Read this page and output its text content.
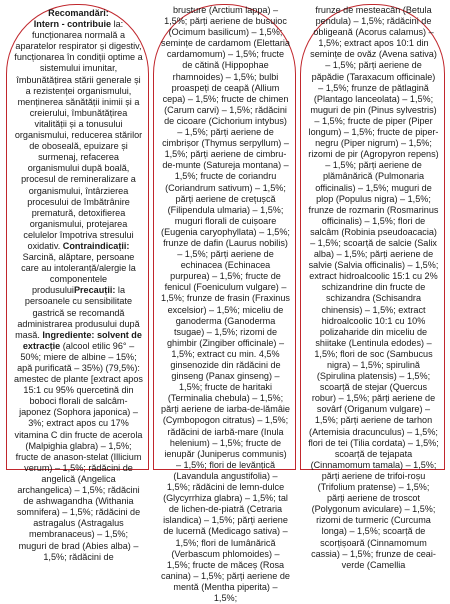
Recomandări:
Intern - contribuie la: funcționarea normală a aparatelor respirator și digestiv, funcționarea în condiții optime a sistemului imunitar, îmbunătățirea stării generale și a rezistenței organismului, menținerea sănătății inimii și a creierului, îmbunătățirea vitalității și a tonusului organismului, reducerea stărilor de oboseală, epuizare și surmenaj, refacerea organismului după boală, procesul de remineralizare a organismului, întârzierea procesului de îmbătrânire prematură, detoxifierea organismului, protejarea celulelor împotriva stresului oxidativ. Contraindicații: Sarcină, alăptare, persoane care au intoleranță/alergie la componentele produsuluiPrecauții: la persoanele cu sensibilitate gastrică se recomandă administrarea produsului după masă. Ingrediente: solvent de extracție (alcool etilic 96° – 50%; miere de albine – 15%; apă purificată – 35%) (79,5%): amestec de plante [extract apos 15:1 cu 95% quercetină din boboci florali de salcâm-japonez (Sophora japonica) – 3%; extract apos cu 17% vitamina C din fructe de acerola (Malpighia glabra) – 1,5%; fructe de anason-stelat (Illicium verum) – 1,5%; rădăcini de angelică (Angelica archangelica) – 1,5%; rădăcini de ashwagandha (Withania somnifera) – 1,5%; rădăcini de astragalus (Astragalus membranaceus) – 1,5%; muguri de brad (Abies alba) – 1,5%; rădăcini de
brusture (Arctium lappa) – 1,5%; părți aeriene de busuioc (Ocimum basilicum) – 1,5%; semințe de cardamom (Elettaria cardamomum) – 1,5%; fructe de cătină (Hippophae rhamnoides) – 1,5%; bulbi proaspeți de ceapă (Allium cepa) – 1,5%; fructe de chimen (Carum carvi) – 1,5%; rădăcini de cicoare (Cichorium intybus) – 1,5%; părți aeriene de cimbrișor (Thymus serpyllum) – 1,5%; părți aeriene de cimbru-de-munte (Satureja montana) – 1,5%; fructe de coriandru (Coriandrum sativum) – 1,5%; părți aeriene de crețușcă (Filipendula ulmaria) – 1,5%; muguri florali de cuișoare (Eugenia caryophyllata) – 1,5%; frunze de dafin (Laurus nobilis) – 1,5%; părți aeriene de echinacea (Echinacea purpurea) – 1,5%; fructe de fenicul (Foeniculum vulgare) – 1,5%; frunze de frasin (Fraxinus excelsior) – 1,5%; miceliu de ganoderma (Ganoderma tsugae) – 1,5%; rizomi de ghimbir (Zingiber officinale) – 1,5%; extract cu min. 4,5% ginsenozide din rădăcini de ginseng (Panax ginseng) – 1,5%; fructe de haritaki (Terminalia chebula) – 1,5%; părți aeriene de iarba-de-lămâie (Cymbopogon citratus) – 1,5%; rădăcini de iarbă-mare (Inula helenium) – 1,5%; fructe de ienupăr (Juniperus communis) – 1,5%; flori de levănțică (Lavandula angustifolia) – 1,5%; rădăcini de lemn-dulce (Glycyrrhiza glabra) – 1,5%; tal de lichen-de-piatră (Cetraria islandica) – 1,5%; părți aeriene de lucernă (Medicago sativa) – 1,5%; flori de lumânărică (Verbascum phlomoides) – 1,5%; fructe de măceș (Rosa canina) – 1,5%; părți aeriene de mentă (Mentha piperita) – 1,5%;
frunze de mesteacăn (Betula pendula) – 1,5%; rădăcini de obligeană (Acorus calamus) – 1,5%; extract apos 10:1 din semințe de ovăz (Avena sativa) – 1,5%; părți aeriene de păpădie (Taraxacum officinale) – 1,5%; frunze de pătlagină (Plantago lanceolata) – 1,5%; muguri de pin (Pinus sylvestris) – 1,5%; fructe de piper (Piper longum) – 1,5%; fructe de piper-negru (Piper nigrum) – 1,5%; rizomi de pir (Agropyron repens) – 1,5%; părți aeriene de plămânărică (Pulmonaria officinalis) – 1,5%; muguri de plop (Populus nigra) – 1,5%; frunze de rozmarin (Rosmarinus officinalis) – 1,5%; flori de salcâm (Robinia pseudoacacia) – 1,5%; scoarță de salcie (Salix alba) – 1,5%; părți aeriene de salvie (Salvia officinalis) – 1,5%; extract hidroalcoolic 15:1 cu 2% schizandrine din fructe de schizandra (Schisandra chinensis) – 1,5%; extract hidroalcoolic 10:1 cu 10% polizaharide din miceliu de shiitake (Lentinula edodes) – 1,5%; flori de soc (Sambucus nigra) – 1,5%; spirulină (Spirulina platensis) – 1,5%; scoarță de stejar (Quercus robur) – 1,5%; părți aeriene de sovârf (Origanum vulgare) – 1,5%; părți aeriene de tarhon (Artemisia dracunculus) – 1,5%; flori de tei (Tilia cordata) – 1,5%; scoarță de tejapata (Cinnamomum tamala) – 1,5%; părți aeriene de trifoi-roșu (Trifolium pratense) – 1,5%; părți aeriene de troscot (Polygonum aviculare) – 1,5%; rizomi de turmeric (Curcuma longa) – 1,5%; scoarță de scorțișoară (Cinnamomum cassia) – 1,5%; frunze de ceai-verde (Camellia
